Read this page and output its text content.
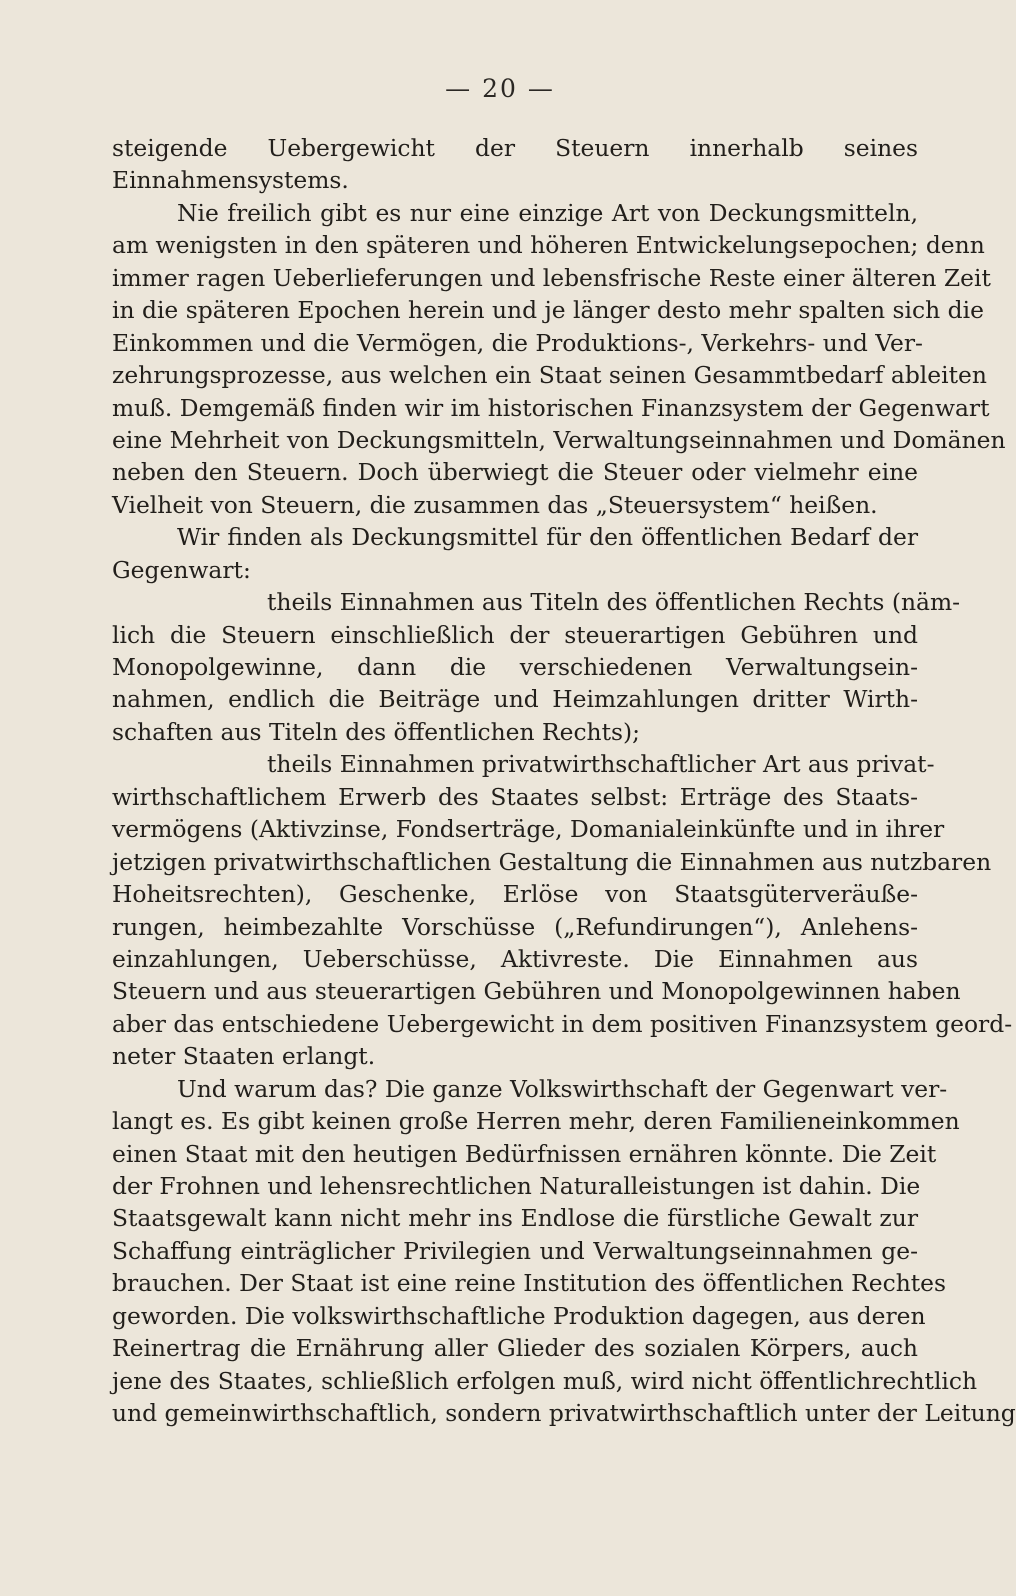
— 20 —
steigende Uebergewicht der Steuern innerhalb seines
Einnahmensystems.
Nie freilich gibt es nur eine einzige Art von Deckungsmitteln,
am wenigsten in den späteren und höheren Entwickelungsepochen; denn
immer ragen Ueberlieferungen und lebensfrische Reste einer älteren Zeit
in die späteren Epochen herein und je länger desto mehr spalten sich die
Einkommen und die Vermögen, die Produktions-, Verkehrs- und Ver-
zehrungsprozesse, aus welchen ein Staat seinen Gesammtbedarf ableiten
muß. Demgemäß finden wir im historischen Finanzsystem der Gegenwart
eine Mehrheit von Deckungsmitteln, Verwaltungseinnahmen und Domänen
neben den Steuern. Doch überwiegt die Steuer oder vielmehr eine
Vielheit von Steuern, die zusammen das „Steuersystem“ heißen.
Wir finden als Deckungsmittel für den öffentlichen Bedarf der
Gegenwart:
theils Einnahmen aus Titeln des öffentlichen Rechts (näm-
lich die Steuern einschließlich der steuerartigen Gebühren und
Monopolgewinne, dann die verschiedenen Verwaltungsein-
nahmen, endlich die Beiträge und Heimzahlungen dritter Wirth-
schaften aus Titeln des öffentlichen Rechts);
theils Einnahmen privatwirthschaftlicher Art aus privat-
wirthschaftlichem Erwerb des Staates selbst: Erträge des Staats-
vermögens (Aktivzinse, Fondserträge, Domanialeinkünfte und in ihrer
jetzigen privatwirthschaftlichen Gestaltung die Einnahmen aus nutzbaren
Hoheitsrechten), Geschenke, Erlöse von Staatsgüterveräuße-
rungen, heimbezahlte Vorschüsse („Refundirungen“), Anlehens-
einzahlungen, Ueberschüsse, Aktivreste. Die Einnahmen aus
Steuern und aus steuerartigen Gebühren und Monopolgewinnen haben
aber das entschiedene Uebergewicht in dem positiven Finanzsystem geord-
neter Staaten erlangt.
Und warum das? Die ganze Volkswirthschaft der Gegenwart ver-
langt es. Es gibt keinen große Herren mehr, deren Familieneinkommen
einen Staat mit den heutigen Bedürfnissen ernähren könnte. Die Zeit
der Frohnen und lehensrechtlichen Naturalleistungen ist dahin. Die
Staatsgewalt kann nicht mehr ins Endlose die fürstliche Gewalt zur
Schaffung einträglicher Privilegien und Verwaltungseinnahmen ge-
brauchen. Der Staat ist eine reine Institution des öffentlichen Rechtes
geworden. Die volkswirthschaftliche Produktion dagegen, aus deren
Reinertrag die Ernährung aller Glieder des sozialen Körpers, auch
jene des Staates, schließlich erfolgen muß, wird nicht öffentlichrechtlich
und gemeinwirthschaftlich, sondern privatwirthschaftlich unter der Leitung
